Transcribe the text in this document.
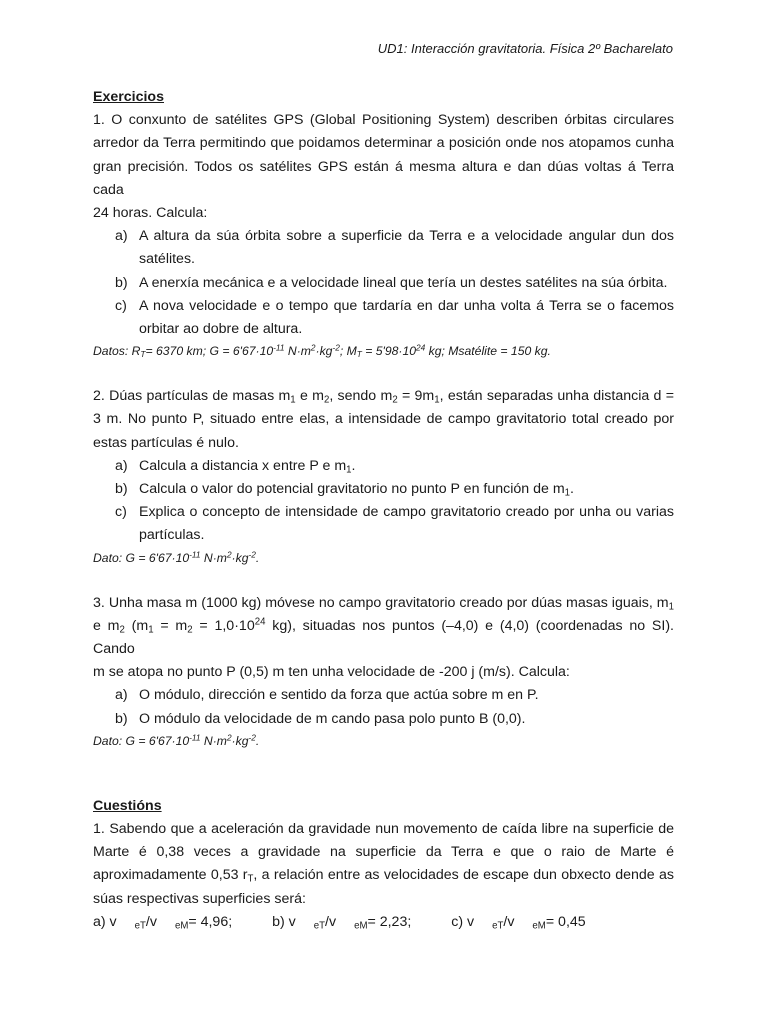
UD1: Interacción gravitatoria. Física 2º Bacharelato
Exercicios
1. O conxunto de satélites GPS (Global Positioning System) describen órbitas circulares
arredor da Terra permitindo que poidamos determinar a posición onde nos atopamos cunha
gran precisión. Todos os satélites GPS están á mesma altura e dan dúas voltas á Terra cada
24 horas. Calcula:
a) A altura da súa órbita sobre a superficie da Terra e a velocidade angular dun dos satélites.
b) A enerxía mecánica e a velocidade lineal que tería un destes satélites na súa órbita.
c) A nova velocidade e o tempo que tardaría en dar unha volta á Terra se o facemos orbitar ao dobre de altura.
Datos: $R_T= 6370$ km; $G = 6'67\cdot 10^{-11}$ $N\cdot m^2\cdot kg^{-2}$; $M_T = 5'98\cdot 10^{24}$ kg; Msatélite = 150 kg.
2. Dúas partículas de masas $m_1$ e $m_2$, sendo $m_2 = 9m_1$, están separadas unha distancia d =
3 m. No punto P, situado entre elas, a intensidade de campo gravitatorio total creado por
estas partículas é nulo.
a) Calcula a distancia x entre P e $m_1$.
b) Calcula o valor do potencial gravitatorio no punto P en función de $m_1$.
c) Explica o concepto de intensidade de campo gravitatorio creado por unha ou varias partículas.
Dato: $G = 6'67\cdot 10^{-11}$ $N\cdot m^2\cdot kg^{-2}$.
3. Unha masa m (1000 kg) móvese no campo gravitatorio creado por dúas masas iguais, $m_1$
e $m_2$ ($m_1 = m_2 = 1,0\cdot 10^{24}$ kg), situadas nos puntos (–4,0) e (4,0) (coordenadas no SI). Cando
m se atopa no punto P (0,5) m ten unha velocidade de -200 j (m/s). Calcula:
a) O módulo, dirección e sentido da forza que actúa sobre m en P.
b) O módulo da velocidade de m cando pasa polo punto B (0,0).
Dato: $G = 6'67\cdot 10^{-11}$ $N\cdot m^2\cdot kg^{-2}$.
Cuestións
1. Sabendo que a aceleración da gravidade nun movemento de caída libre na superficie de
Marte é 0,38 veces a gravidade na superficie da Terra e que o raio de Marte é
aproximadamente 0,53 $r_T$, a relación entre as velocidades de escape dun obxecto dende as
súas respectivas superficies será:
a) v $_{eT}$/v $_{eM}$= 4,96;	b) v $_{eT}$/v $_{eM}$= 2,23;	c) v $_{eT}$/v $_{eM}$= 0,45
